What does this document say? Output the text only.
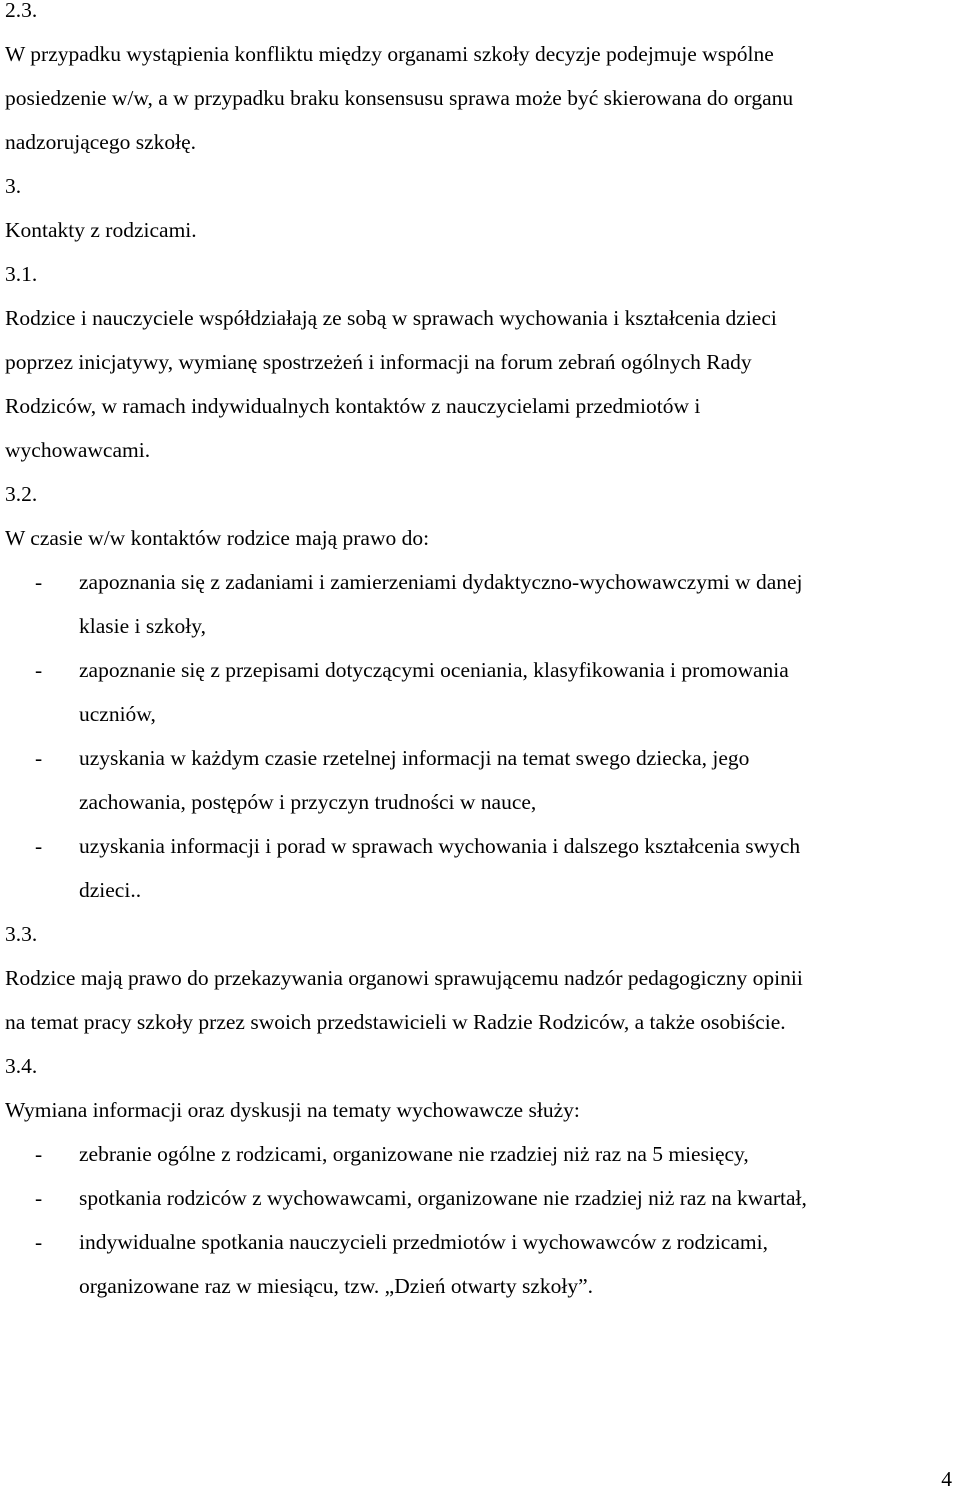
2.3.
W przypadku wystąpienia konfliktu między organami szkoły decyzje podejmuje wspólne
posiedzenie w/w, a w przypadku braku konsensusu sprawa może być skierowana do organu
nadzorującego szkołę.
3.
Kontakty z rodzicami.
3.1.
Rodzice i nauczyciele współdziałają ze sobą w sprawach wychowania i kształcenia dzieci
poprzez inicjatywy, wymianę spostrzeżeń i informacji na forum zebrań ogólnych Rady
Rodziców, w ramach indywidualnych kontaktów z nauczycielami przedmiotów i
wychowawcami.
3.2.
W czasie w/w kontaktów rodzice mają prawo do:
-	zapoznania się z zadaniami i zamierzeniami dydaktyczno-wychowawczymi w danej
klasie i szkoły,
-	zapoznanie się z przepisami dotyczącymi oceniania, klasyfikowania i promowania
uczniów,
-	uzyskania w każdym czasie rzetelnej informacji na temat swego dziecka, jego
zachowania, postępów i przyczyn trudności w nauce,
-	uzyskania informacji i porad w sprawach wychowania i dalszego kształcenia swych
dzieci..
3.3.
Rodzice mają prawo do przekazywania organowi sprawującemu nadzór pedagogiczny opinii
na temat pracy szkoły przez swoich przedstawicieli w Radzie Rodziców, a także osobiście.
3.4.
Wymiana informacji oraz dyskusji na tematy wychowawcze służy:
-	zebranie ogólne z rodzicami, organizowane nie rzadziej niż raz na 5 miesięcy,
-	spotkania rodziców z wychowawcami, organizowane nie rzadziej niż raz na kwartał,
-	indywidualne spotkania nauczycieli przedmiotów i wychowawców z rodzicami,
organizowane raz w miesiącu, tzw. „Dzień otwarty szkoły”.
4
